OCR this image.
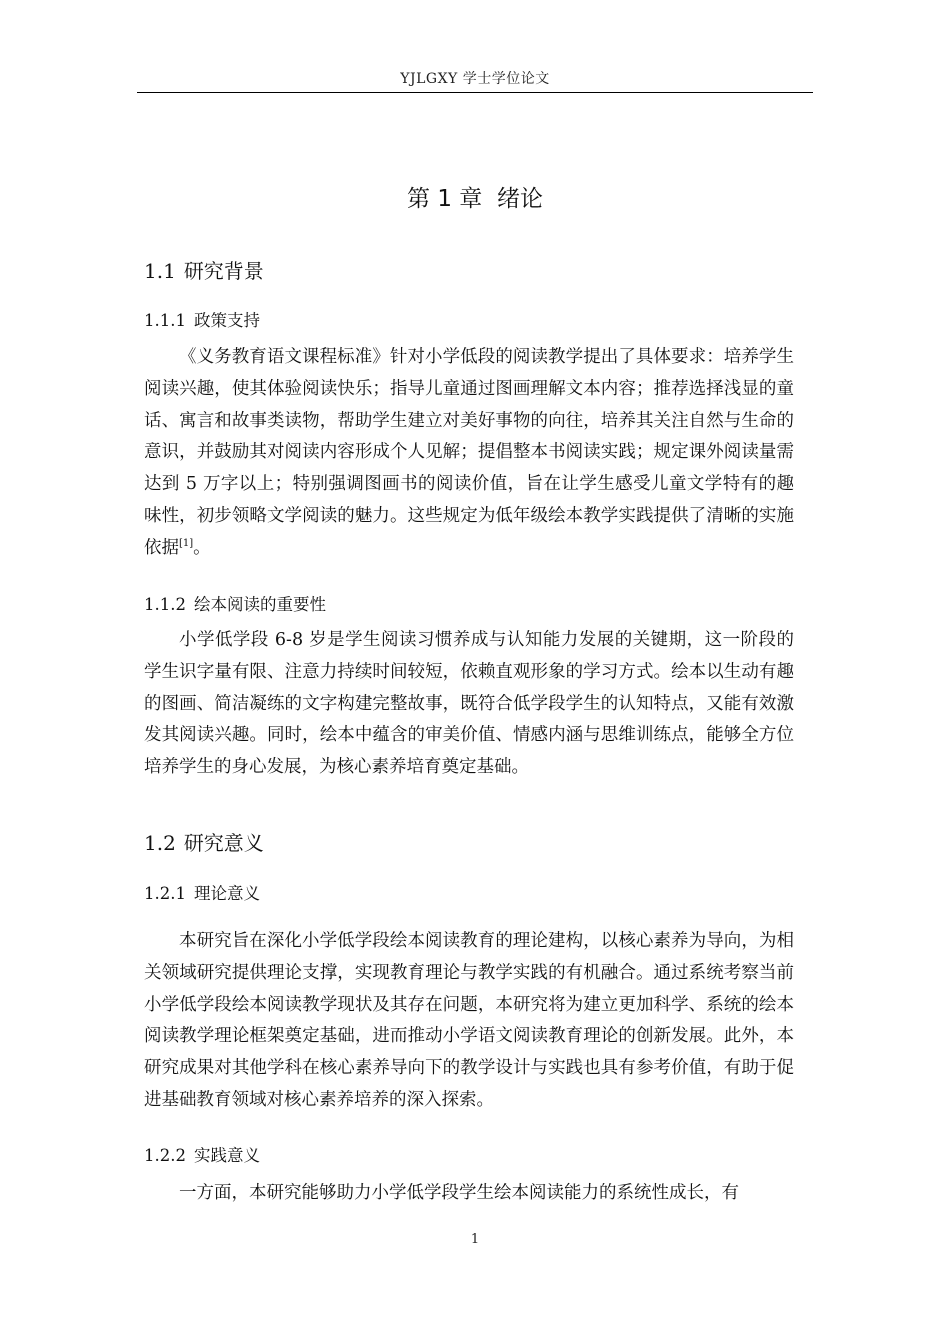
YJLGXY 学士学位论文
第 1 章 绪论
1.1 研究背景
1.1.1 政策支持

《义务教育语文课程标准》针对小学低段的阅读教学提出了具体要求：培养学生阅读兴趣，使其体验阅读快乐；指导儿童通过图画理解文本内容；推荐选择浅显的童话、寓言和故事类读物，帮助学生建立对美好事物的向往，培养其关注自然与生命的意识，并鼓励其对阅读内容形成个人见解；提倡整本书阅读实践；规定课外阅读量需达到 5 万字以上；特别强调图画书的阅读价值，旨在让学生感受儿童文学特有的趣味性，初步领略文学阅读的魅力。这些规定为低年级绘本教学实践提供了清晰的实施依据[1]。

1.1.2 绘本阅读的重要性

小学低学段 6-8 岁是学生阅读习惯养成与认知能力发展的关键期，这一阶段的学生识字量有限、注意力持续时间较短，依赖直观形象的学习方式。绘本以生动有趣的图画、简洁凝练的文字构建完整故事，既符合低学段学生的认知特点，又能有效激发其阅读兴趣。同时，绘本中蕴含的审美价值、情感内涵与思维训练点，能够全方位培养学生的身心发展，为核心素养培育奠定基础。

1.2 研究意义
1.2.1 理论意义

本研究旨在深化小学低学段绘本阅读教育的理论建构，以核心素养为导向，为相关领域研究提供理论支撑，实现教育理论与教学实践的有机融合。通过系统考察当前小学低学段绘本阅读教学现状及其存在问题，本研究将为建立更加科学、系统的绘本阅读教学理论框架奠定基础，进而推动小学语文阅读教育理论的创新发展。此外，本研究成果对其他学科在核心素养导向下的教学设计与实践也具有参考价值，有助于促进基础教育领域对核心素养培养的深入探索。

1.2.2 实践意义

一方面，本研究能够助力小学低学段学生绘本阅读能力的系统性成长，有

1
